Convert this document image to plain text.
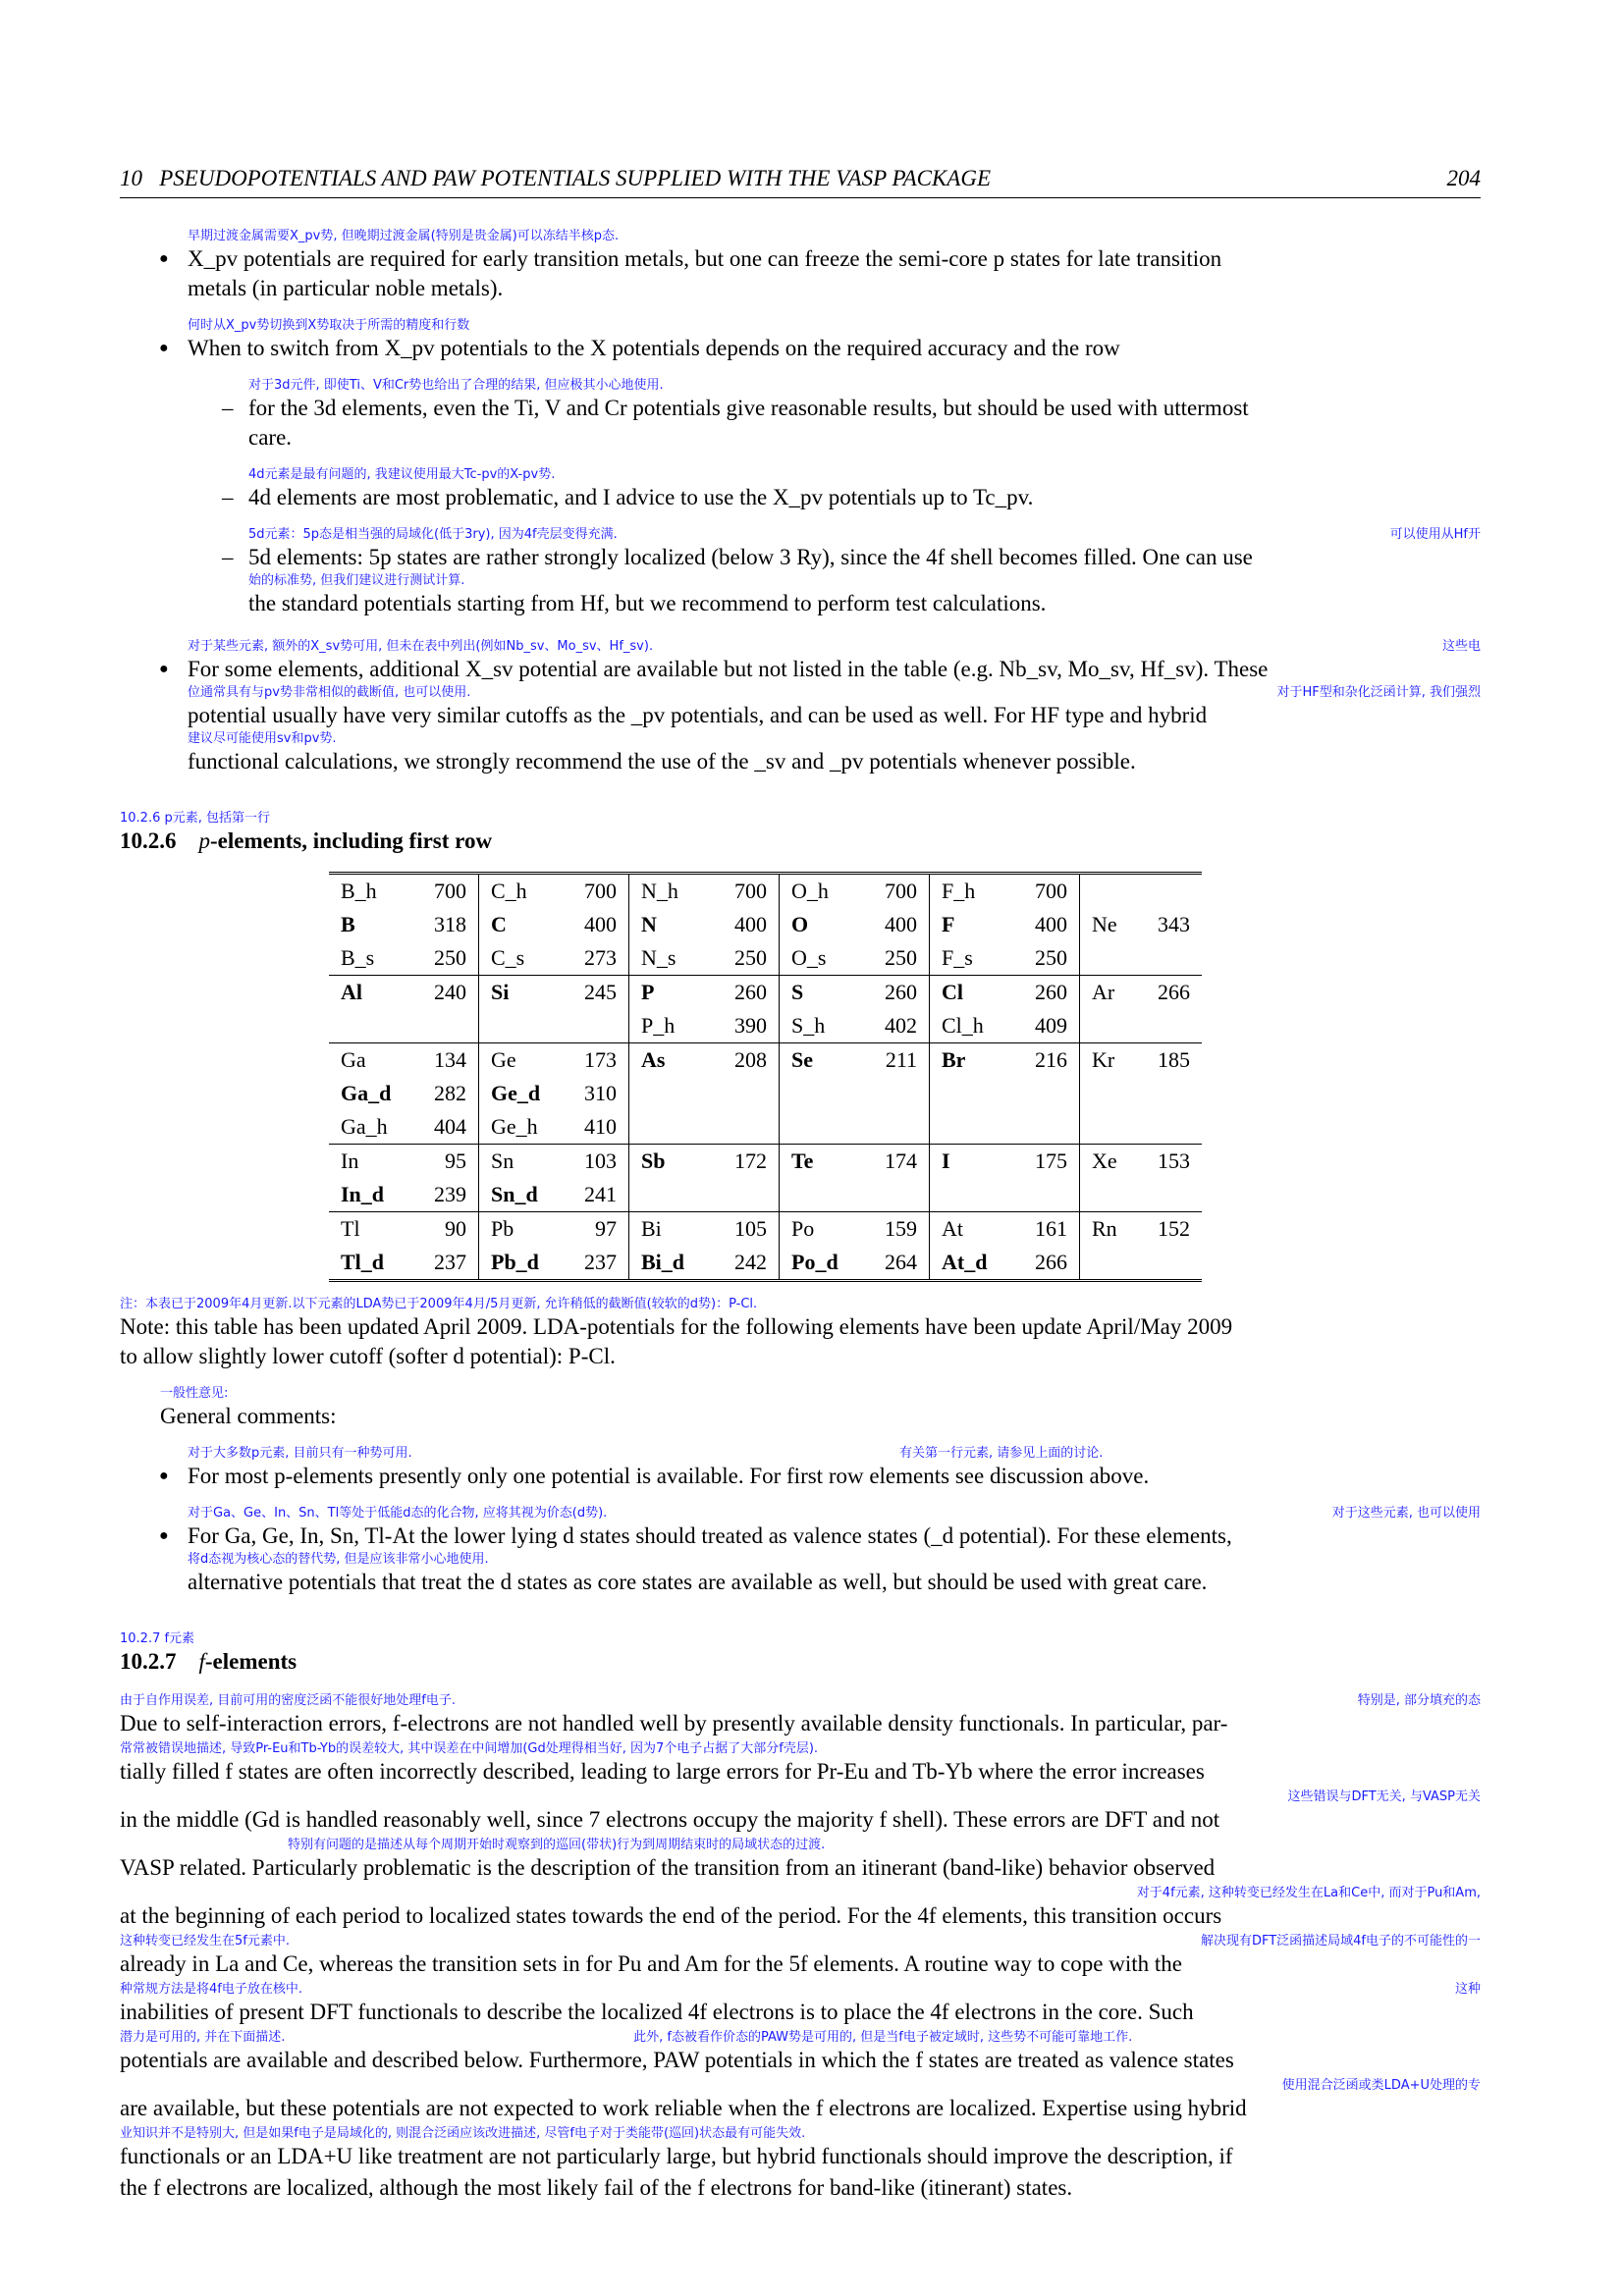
10 PSEUDOPOTENTIALS AND PAW POTENTIALS SUPPLIED WITH THE VASP PACKAGE	204
早期过渡金属需要X_pv势, 但晚期过渡金属(特别是贵金属)可以冻结半核p态.
● X_pv potentials are required for early transition metals, but one can freeze the semi-core p states for late transition
metals (in particular noble metals).
何时从X_pv势切换到X势取决于所需的精度和行数
● When to switch from X_pv potentials to the X potentials depends on the required accuracy and the row
对于3d元件, 即使Ti、V和Cr势也给出了合理的结果, 但应极其小心地使用.
– for the 3d elements, even the Ti, V and Cr potentials give reasonable results, but should be used with uttermost
care.
4d元素是最有问题的, 我建议使用最大Tc-pv的X-pv势.
– 4d elements are most problematic, and I advice to use the X_pv potentials up to Tc_pv.
5d元素：5p态是相当强的局域化(低于3ry), 因为4f壳层变得充满.	可以使用从Hf开
– 5d elements: 5p states are rather strongly localized (below 3 Ry), since the 4f shell becomes filled. One can use
始的标准势, 但我们建议进行测试计算.
the standard potentials starting from Hf, but we recommend to perform test calculations.
对于某些元素, 额外的X_sv势可用, 但未在表中列出(例如Nb_sv、Mo_sv、Hf_sv).	这些电
● For some elements, additional X_sv potential are available but not listed in the table (e.g. Nb_sv, Mo_sv, Hf_sv). These
位通常具有与pv势非常相似的截断值, 也可以使用.	对于HF型和杂化泛函计算, 我们强烈
potential usually have very similar cutoffs as the _pv potentials, and can be used as well. For HF type and hybrid
建议尽可能使用sv和pv势.
functional calculations, we strongly recommend the use of the _sv and _pv potentials whenever possible.
10.2.6 p元素, 包括第一行
10.2.6 p-elements, including first row
B_h	700	C_h	700	N_h	700	O_h	700	F_h	700		
B	318	C	400	N	400	O	400	F	400	Ne	343
B_s	250	C_s	273	N_s	250	O_s	250	F_s	250		
Al	240	Si	245	P	260	S	260	Cl	260	Ar	266
				P_h	390	S_h	402	Cl_h	409		
Ga	134	Ge	173	As	208	Se	211	Br	216	Kr	185
Ga_d	282	Ge_d	310								
Ga_h	404	Ge_h	410								
In	95	Sn	103	Sb	172	Te	174	I	175	Xe	153
In_d	239	Sn_d	241								
Tl	90	Pb	97	Bi	105	Po	159	At	161	Rn	152
Tl_d	237	Pb_d	237	Bi_d	242	Po_d	264	At_d	266		
注：本表已于2009年4月更新.以下元素的LDA势已于2009年4月/5月更新, 允许稍低的截断值(较软的d势)：P-Cl.
Note: this table has been updated April 2009. LDA-potentials for the following elements have been update April/May 2009
to allow slightly lower cutoff (softer d potential): P-Cl.
一般性意见:
General comments:
对于大多数p元素, 目前只有一种势可用.	有关第一行元素, 请参见上面的讨论.
● For most p-elements presently only one potential is available. For first row elements see discussion above.
对于Ga、Ge、In、Sn、Tl等处于低能d态的化合物, 应将其视为价态(d势).	对于这些元素, 也可以使用
● For Ga, Ge, In, Sn, Tl-At the lower lying d states should treated as valence states (_d potential). For these elements,
将d态视为核心态的替代势, 但是应该非常小心地使用.
alternative potentials that treat the d states as core states are available as well, but should be used with great care.
10.2.7 f元素
10.2.7 f-elements
由于自作用误差, 目前可用的密度泛函不能很好地处理f电子.	特别是, 部分填充的态
Due to self-interaction errors, f-electrons are not handled well by presently available density functionals. In particular, par-
常常被错误地描述, 导致Pr-Eu和Tb-Yb的误差较大, 其中误差在中间增加(Gd处理得相当好, 因为7个电子占据了大部分f壳层).
tially filled f states are often incorrectly described, leading to large errors for Pr-Eu and Tb-Yb where the error increases
这些错误与DFT无关, 与VASP无关
in the middle (Gd is handled reasonably well, since 7 electrons occupy the majority f shell). These errors are DFT and not
特别有问题的是描述从每个周期开始时观察到的巡回(带状)行为到周期结束时的局域状态的过渡.
VASP related. Particularly problematic is the description of the transition from an itinerant (band-like) behavior observed
对于4f元素, 这种转变已经发生在La和Ce中, 而对于Pu和Am,
at the beginning of each period to localized states towards the end of the period. For the 4f elements, this transition occurs
这种转变已经发生在5f元素中.	解决现有DFT泛函描述局域4f电子的不可能性的一
already in La and Ce, whereas the transition sets in for Pu and Am for the 5f elements. A routine way to cope with the
种常规方法是将4f电子放在核中.	这种
inabilities of present DFT functionals to describe the localized 4f electrons is to place the 4f electrons in the core. Such
潜力是可用的, 并在下面描述.	此外, f态被看作价态的PAW势是可用的, 但是当f电子被定域时, 这些势不可能可靠地工作.
potentials are available and described below. Furthermore, PAW potentials in which the f states are treated as valence states
使用混合泛函或类LDA+U处理的专
are available, but these potentials are not expected to work reliable when the f electrons are localized. Expertise using hybrid
业知识并不是特别大, 但是如果f电子是局域化的, 则混合泛函应该改进描述, 尽管f电子对于类能带(巡回)状态最有可能失效.
functionals or an LDA+U like treatment are not particularly large, but hybrid functionals should improve the description, if
the f electrons are localized, although the most likely fail of the f electrons for band-like (itinerant) states.
